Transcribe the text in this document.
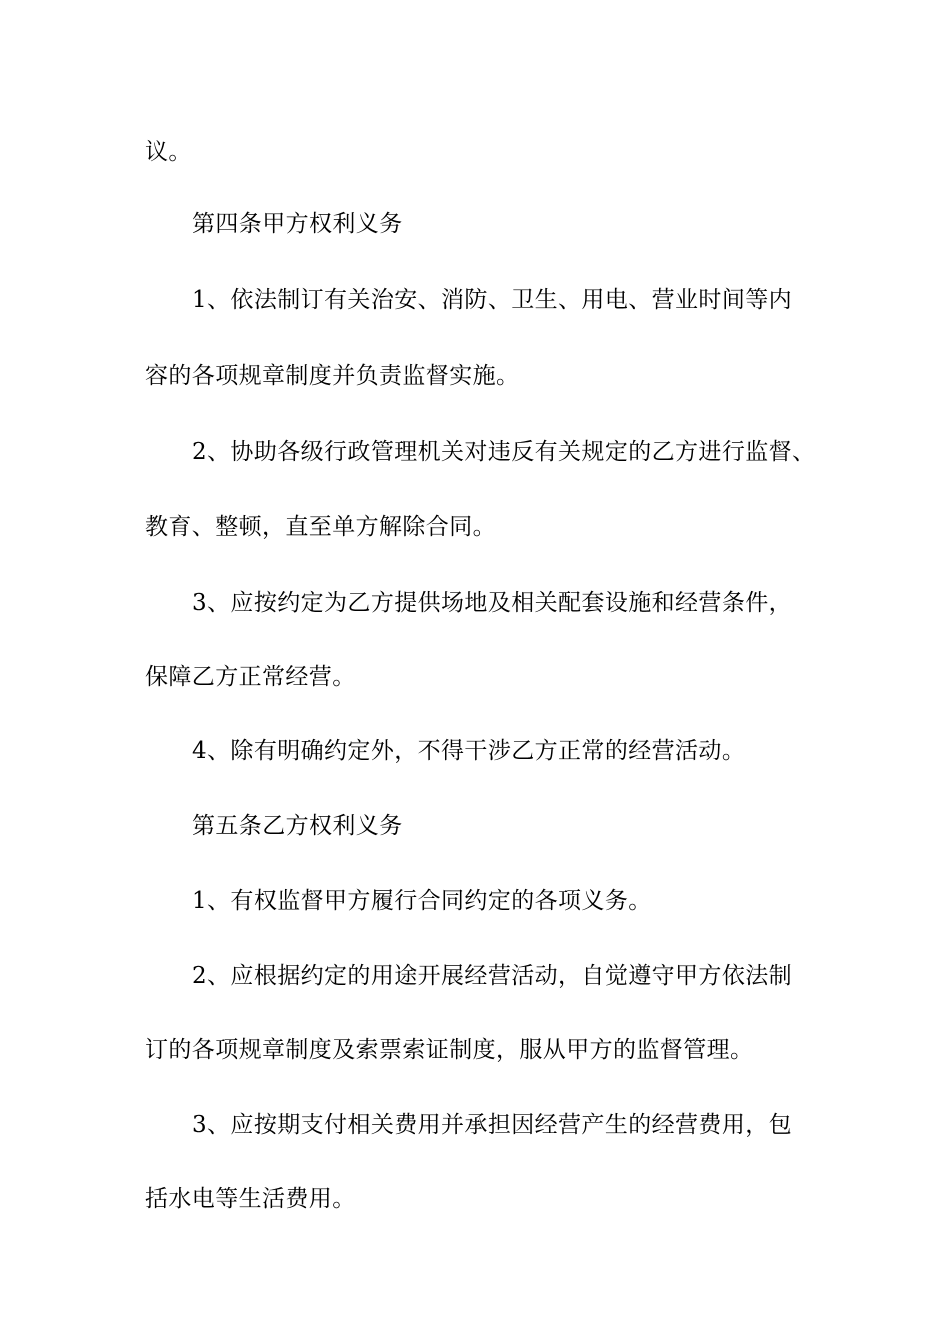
议。
第四条甲方权利义务
1、依法制订有关治安、消防、卫生、用电、营业时间等内
容的各项规章制度并负责监督实施。
2、协助各级行政管理机关对违反有关规定的乙方进行监督、
教育、整顿，直至单方解除合同。
3、应按约定为乙方提供场地及相关配套设施和经营条件，
保障乙方正常经营。
4、除有明确约定外，不得干涉乙方正常的经营活动。
第五条乙方权利义务
1、有权监督甲方履行合同约定的各项义务。
2、应根据约定的用途开展经营活动，自觉遵守甲方依法制
订的各项规章制度及索票索证制度，服从甲方的监督管理。
3、应按期支付相关费用并承担因经营产生的经营费用，包
括水电等生活费用。
